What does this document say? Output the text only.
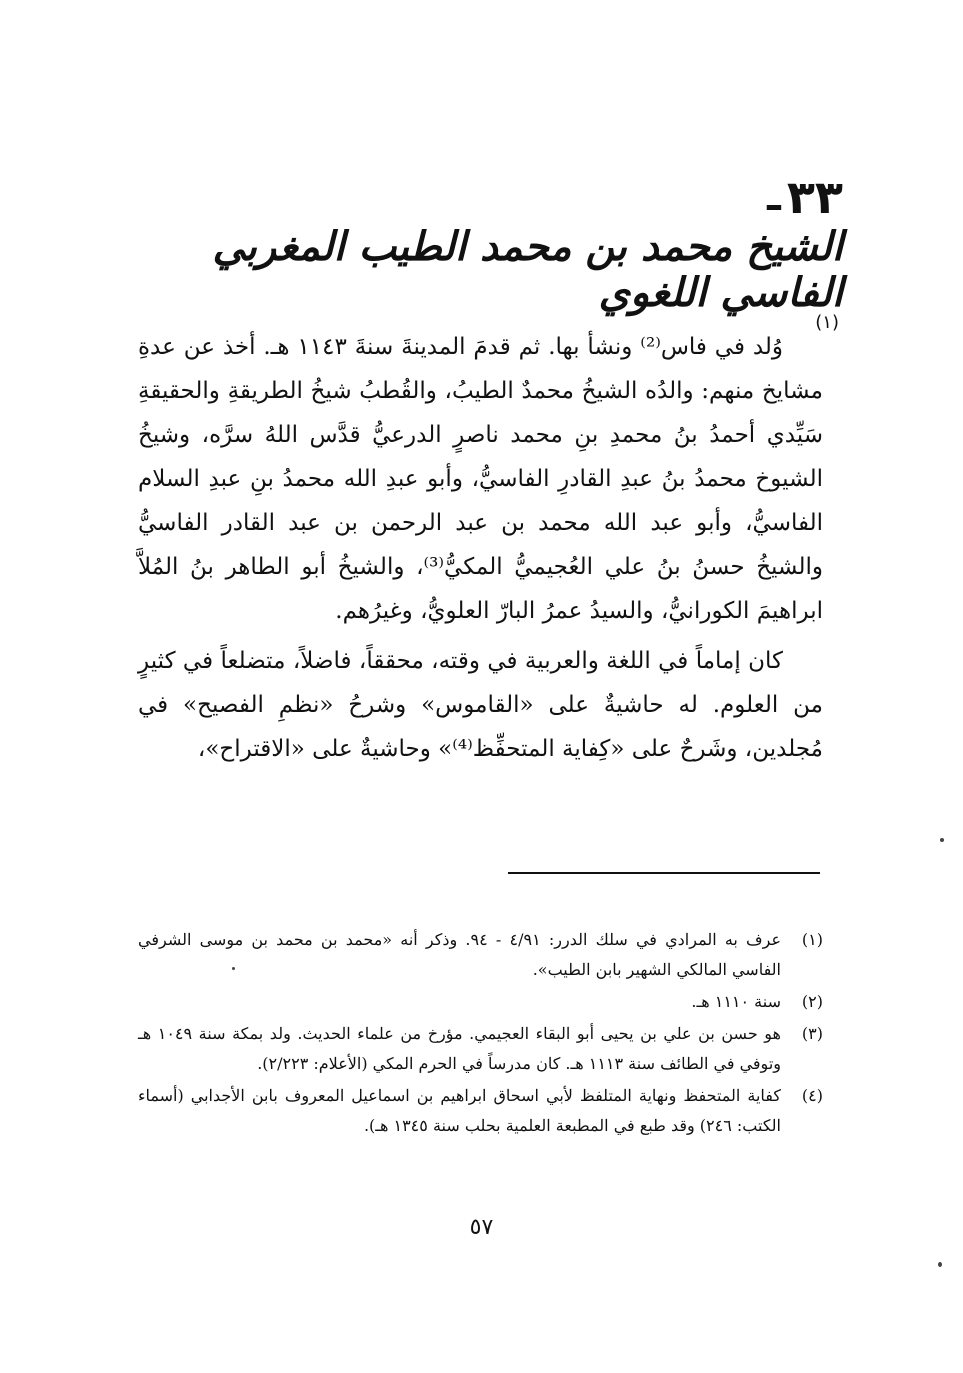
٣٣ـالشيخ محمد بن محمد الطيب المغربي الفاسي اللغوي(١)

وُلد في فاس⁽²⁾ ونشأ بها. ثم قدمَ المدينةَ سنةَ ١١٤٣ هـ. أخذ عن عدةِ مشايخ منهم: والدُه الشيخُ محمدٌ الطيبُ، والقُطبُ شيخُ الطريقةِ والحقيقةِ سَيِّدي أحمدُ بنُ محمدِ بنِ محمد ناصرٍ الدرعيُّ قدَّس اللهُ سرَّه، وشيخُ الشيوخ محمدُ بنُ عبدِ القادرِ الفاسيُّ، وأبو عبدِ الله محمدُ بنِ عبدِ السلام الفاسيُّ، وأبو عبد الله محمد بن عبد الرحمن بن عبد القادر الفاسيُّ والشيخُ حسنُ بنُ علي العُجيميُّ المكيُّ⁽³⁾، والشيخُ أبو الطاهر بنُ المُلاَّ ابراهيمَ الكورانيُّ، والسيدُ عمرُ البارّ العلويُّ، وغيرُهم.

كان إماماً في اللغة والعربية في وقته، محققاً، فاضلاً، متضلعاً في كثيرٍ من العلوم. له حاشيةٌ على «القاموس» وشرحُ «نظمِ الفصيح» في مُجلدين، وشَرحٌ على «كِفاية المتحفِّظ⁽⁴⁾» وحاشيةٌ على «الاقتراح»،

(١)
عرف به المرادي في سلك الدرر: ٤/٩١ - ٩٤. وذكر أنه «محمد بن محمد بن موسى الشرفي الفاسي المالكي الشهير بابن الطيب».
(٢)
سنة ١١١٠ هـ.
(٣)
هو حسن بن علي بن يحيى أبو البقاء العجيمي. مؤرخ من علماء الحديث. ولد بمكة سنة ١٠٤٩ هـ وتوفي في الطائف سنة ١١١٣ هـ. كان مدرساً في الحرم المكي (الأعلام: ٢/٢٢٣).
(٤)
كفاية المتحفظ ونهاية المتلفظ لأبي اسحاق ابراهيم بن اسماعيل المعروف بابن الأجدابي (أسماء الكتب: ٢٤٦) وقد طبع في المطبعة العلمية بحلب سنة ١٣٤٥ هـ).
٥٧
